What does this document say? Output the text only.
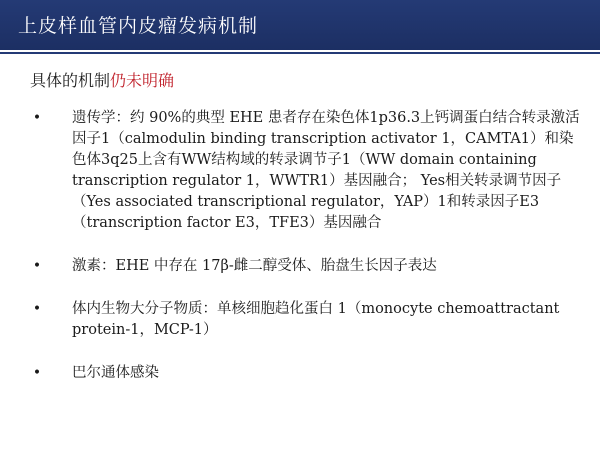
上皮样血管内皮瘤发病机制
具体的机制仍未明确
• 遗传学：约 90%的典型 EHE 患者存在染色体1p36.3上钙调蛋白结合转录激活因子1（calmodulin binding transcription activator 1，CAMTA1）和染色体3q25上含有WW结构域的转录调节子1（WW domain containing transcription regulator 1，WWTR1）基因融合； Yes相关转录调节因子（Yes associated transcriptional regulator，YAP）1和转录因子E3（transcription factor E3，TFE3）基因融合
• 激素：EHE 中存在 17β-雌二醇受体、胎盘生长因子表达
• 体内生物大分子物质：单核细胞趋化蛋白 1（monocyte chemoattractant protein-1，MCP-1）
• 巴尔通体感染
